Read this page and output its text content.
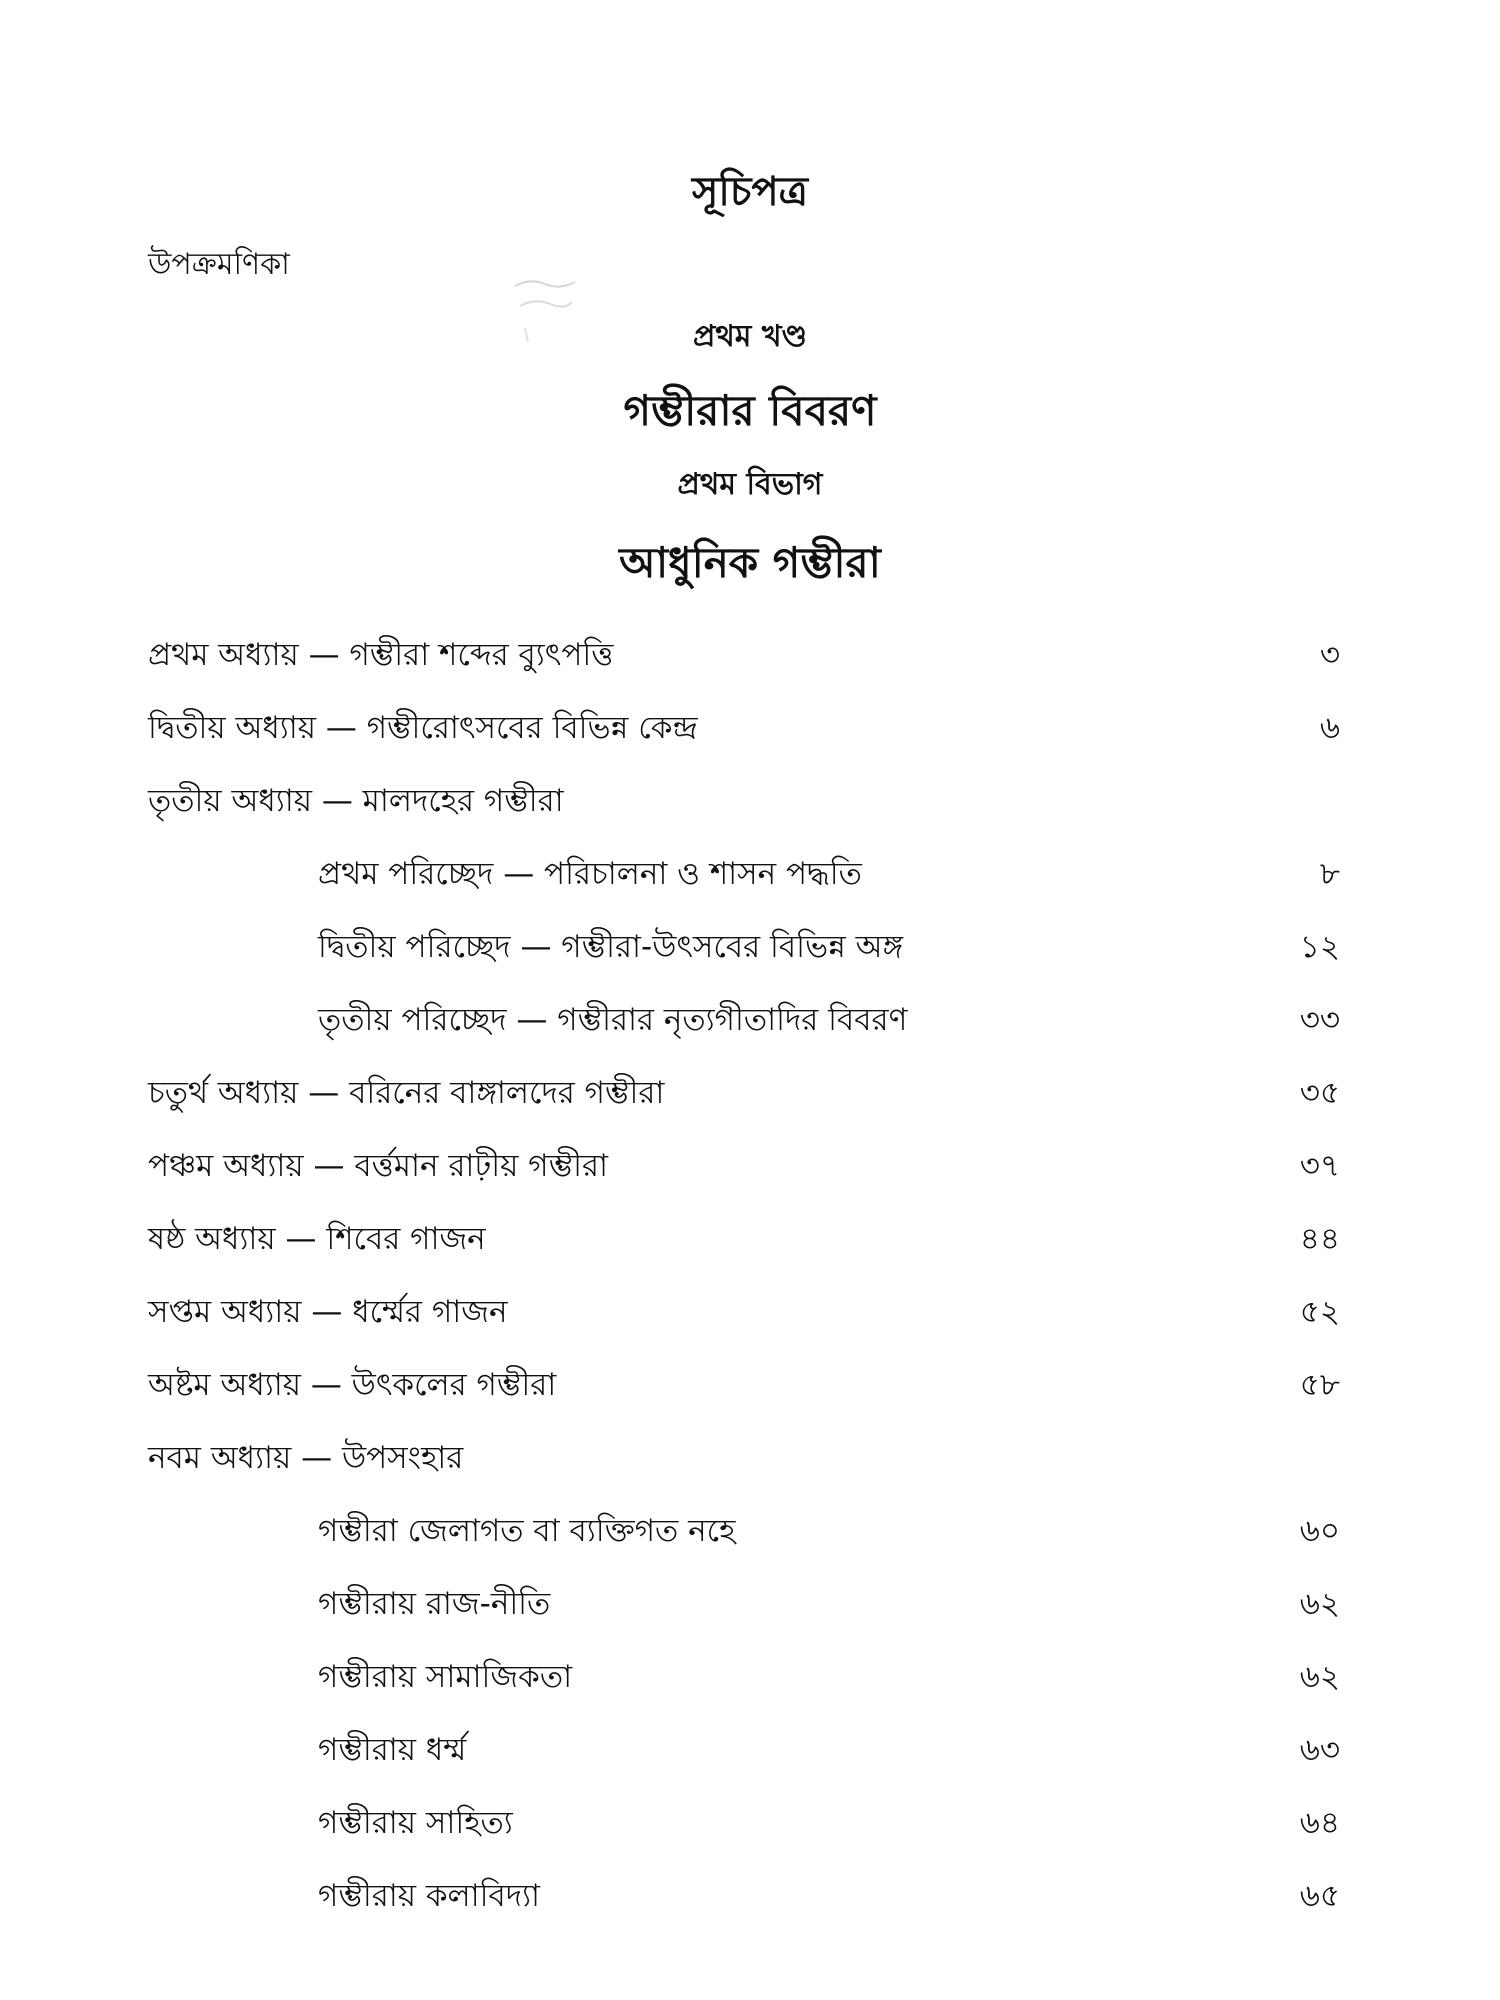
সূচিপত্র
উপক্রমণিকা
প্রথম খণ্ড
গম্ভীরার বিবরণ
প্রথম বিভাগ
আধুনিক গম্ভীরা
প্রথম অধ্যায় — গম্ভীরা শব্দের ব্যুৎপত্তি	৩
দ্বিতীয় অধ্যায় — গম্ভীরোৎসবের বিভিন্ন কেন্দ্র	৬
তৃতীয় অধ্যায় — মালদহের গম্ভীরা
প্রথম পরিচ্ছেদ — পরিচালনা ও শাসন পদ্ধতি	৮
দ্বিতীয় পরিচ্ছেদ — গম্ভীরা-উৎসবের বিভিন্ন অঙ্গ	১২
তৃতীয় পরিচ্ছেদ — গম্ভীরার নৃত্যগীতাদির বিবরণ	৩৩
চতুর্থ অধ্যায় — বরিনের বাঙ্গালদের গম্ভীরা	৩৫
পঞ্চম অধ্যায় — বর্ত্তমান রাঢ়ীয় গম্ভীরা	৩৭
ষষ্ঠ অধ্যায় — শিবের গাজন	৪৪
সপ্তম অধ্যায় — ধর্ম্মের গাজন	৫২
অষ্টম অধ্যায় — উৎকলের গম্ভীরা	৫৮
নবম অধ্যায় — উপসংহার
গম্ভীরা জেলাগত বা ব্যক্তিগত নহে	৬০
গম্ভীরায় রাজ-নীতি	৬২
গম্ভীরায় সামাজিকতা	৬২
গম্ভীরায় ধর্ম্ম	৬৩
গম্ভীরায় সাহিত্য	৬৪
গম্ভীরায় কলাবিদ্যা	৬৫
